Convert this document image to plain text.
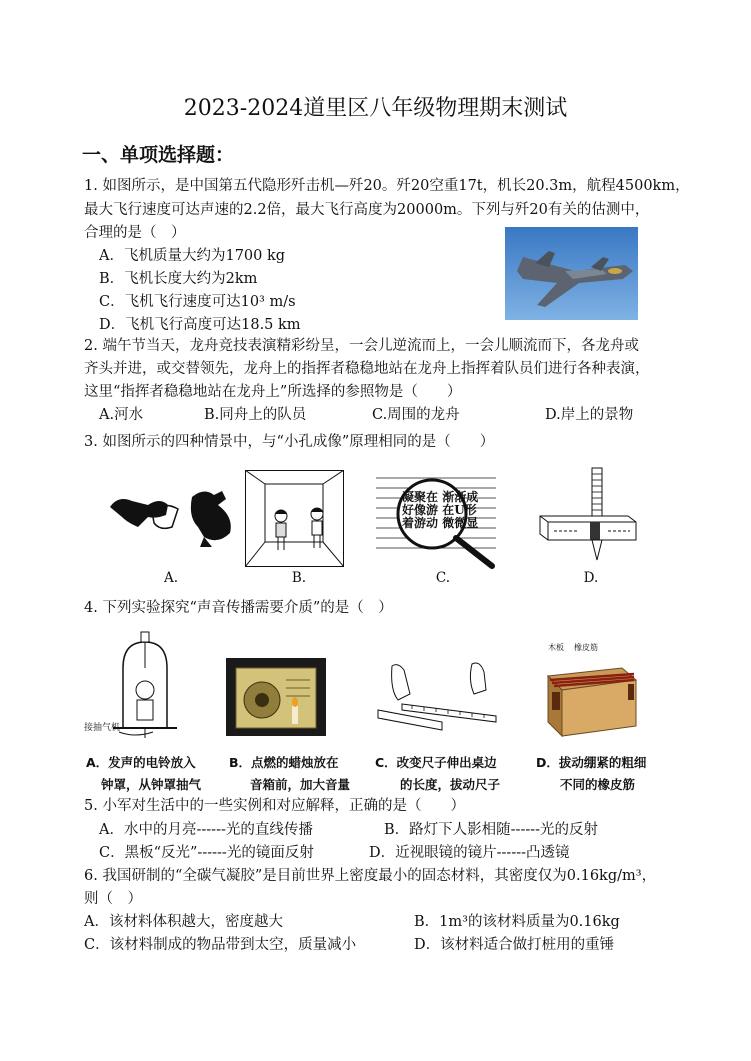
2023-2024道里区八年级物理期末测试
一、单项选择题：
1. 如图所示，是中国第五代隐形歼击机—歼20。歼20空重17t，机长20.3m，航程4500km，
最大飞行速度可达声速的2.2倍，最大飞行高度为20000m。下列与歼20有关的估测中，
合理的是（　）
A．飞机质量大约为1700 kg
B．飞机长度大约为2km
C．飞机飞行速度可达10³ m/s
D．飞机飞行高度可达18.5 km
2. 端午节当天，龙舟竞技表演精彩纷呈，一会儿逆流而上，一会儿顺流而下，各龙舟或
齐头并进，或交替领先，龙舟上的指挥者稳稳地站在龙舟上指挥着队员们进行各种表演，
这里“指挥者稳稳地站在龙舟上”所选择的参照物是（　　）
A.河水	B.同舟上的队员	C.周围的龙舟	D.岸上的景物
3. 如图所示的四种情景中，与“小孔成像”原理相同的是（　　）
A.	B.
凝聚在 渐渐成
好像游 在U形
着游动 微微显
C.	D.
4. 下列实验探究“声音传播需要介质”的是（　）
接抽气机
A．发声的电铃放入
钟罩，从钟罩抽气
B．点燃的蜡烛放在
音箱前，加大音量
C．改变尺子伸出桌边
的长度，拔动尺子
木板 橡皮筋
D．拔动绷紧的粗细
不同的橡皮筋
5. 小军对生活中的一些实例和对应解释，正确的是（　　）
A．水中的月亮------光的直线传播	B．路灯下人影相随------光的反射
C．黑板“反光”------光的镜面反射	D．近视眼镜的镜片------凸透镜
6. 我国研制的“全碳气凝胶”是目前世界上密度最小的固态材料，其密度仅为0.16kg/m³，
则（　）
A．该材料体积越大，密度越大	B．1m³的该材料质量为0.16kg
C．该材料制成的物品带到太空，质量减小	D．该材料适合做打桩用的重锤
